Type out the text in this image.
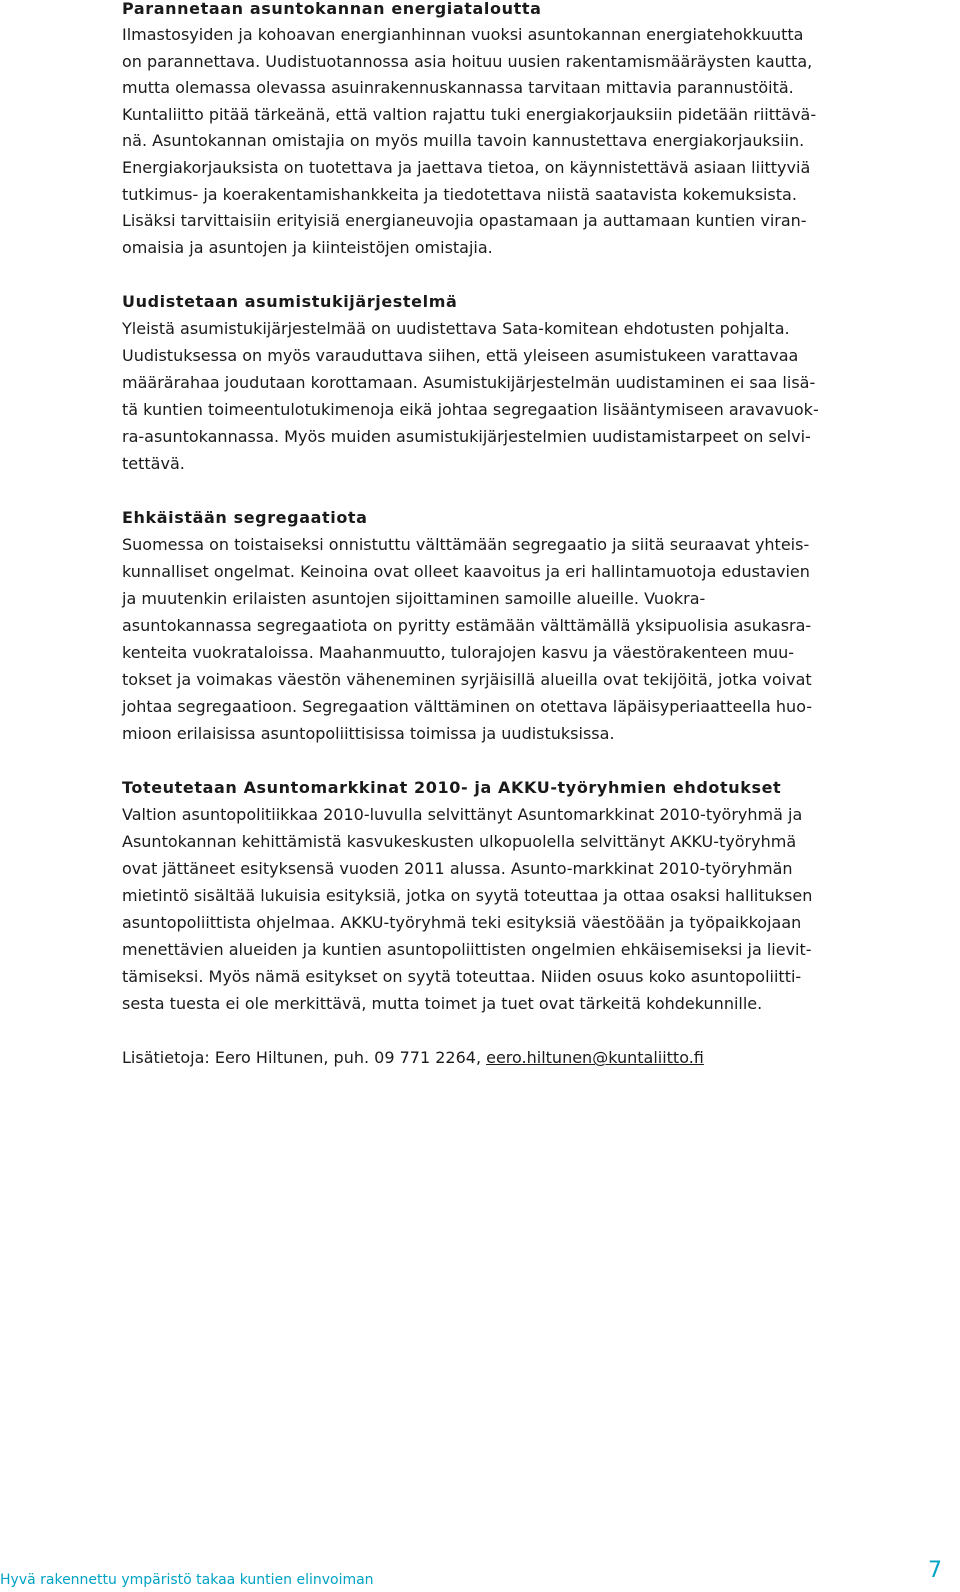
Parannetaan asuntokannan energiataloutta
Ilmastosyiden ja kohoavan energianhinnan vuoksi asuntokannan energiatehokkuutta
on parannettava. Uudistuotannossa asia hoituu uusien rakentamismääräysten kautta,
mutta olemassa olevassa asuinrakennuskannassa tarvitaan mittavia parannustöitä.
Kuntaliitto pitää tärkeänä, että valtion rajattu tuki energiakorjauksiin pidetään riittävä-
nä. Asuntokannan omistajia on myös muilla tavoin kannustettava energiakorjauksiin.
Energiakorjauksista on tuotettava ja jaettava tietoa, on käynnistettävä asiaan liittyviä
tutkimus- ja koerakentamishankkeita ja tiedotettava niistä saatavista kokemuksista.
Lisäksi tarvittaisiin erityisiä energianeuvojia opastamaan ja auttamaan kuntien viran-
omaisia ja asuntojen ja kiinteistöjen omistajia.
Uudistetaan asumistukijärjestelmä
Yleistä asumistukijärjestelmää on uudistettava Sata-komitean ehdotusten pohjalta.
Uudistuksessa on myös varauduttava siihen, että yleiseen asumistukeen varattavaa
määrärahaa joudutaan korottamaan. Asumistukijärjestelmän uudistaminen ei saa lisä-
tä kuntien toimeentulotukimenoja eikä johtaa segregaation lisääntymiseen aravavuok-
ra-asuntokannassa. Myös muiden asumistukijärjestelmien uudistamistarpeet on selvi-
tettävä.
Ehkäistään segregaatiota
Suomessa on toistaiseksi onnistuttu välttämään segregaatio ja siitä seuraavat yhteis-
kunnalliset ongelmat. Keinoina ovat olleet kaavoitus ja eri hallintamuotoja edustavien
ja muutenkin erilaisten asuntojen sijoittaminen samoille alueille. Vuokra-
asuntokannassa segregaatiota on pyritty estämään välttämällä yksipuolisia asukasra-
kenteita vuokrataloissa. Maahanmuutto, tulorajojen kasvu ja väestörakenteen muu-
tokset ja voimakas väestön väheneminen syrjäisillä alueilla ovat tekijöitä, jotka voivat
johtaa segregaatioon. Segregaation välttäminen on otettava läpäisyperiaatteella huo-
mioon erilaisissa asuntopoliittisissa toimissa ja uudistuksissa.
Toteutetaan Asuntomarkkinat 2010- ja AKKU-työryhmien ehdotukset
Valtion asuntopolitiikkaa 2010-luvulla selvittänyt Asuntomarkkinat 2010-työryhmä ja
Asuntokannan kehittämistä kasvukeskusten ulkopuolella selvittänyt AKKU-työryhmä
ovat jättäneet esityksensä vuoden 2011 alussa. Asunto-markkinat 2010-työryhmän
mietintö sisältää lukuisia esityksiä, jotka on syytä toteuttaa ja ottaa osaksi hallituksen
asuntopoliittista ohjelmaa. AKKU-työryhmä teki esityksiä väestöään ja työpaikkojaan
menettävien alueiden ja kuntien asuntopoliittisten ongelmien ehkäisemiseksi ja lievit-
tämiseksi. Myös nämä esitykset on syytä toteuttaa. Niiden osuus koko asuntopoliitti-
sesta tuesta ei ole merkittävä, mutta toimet ja tuet ovat tärkeitä kohdekunnille.
Lisätietoja: Eero Hiltunen, puh. 09 771 2264, eero.hiltunen@kuntaliitto.fi
Hyvä rakennettu ympäristö takaa kuntien elinvoiman	7
